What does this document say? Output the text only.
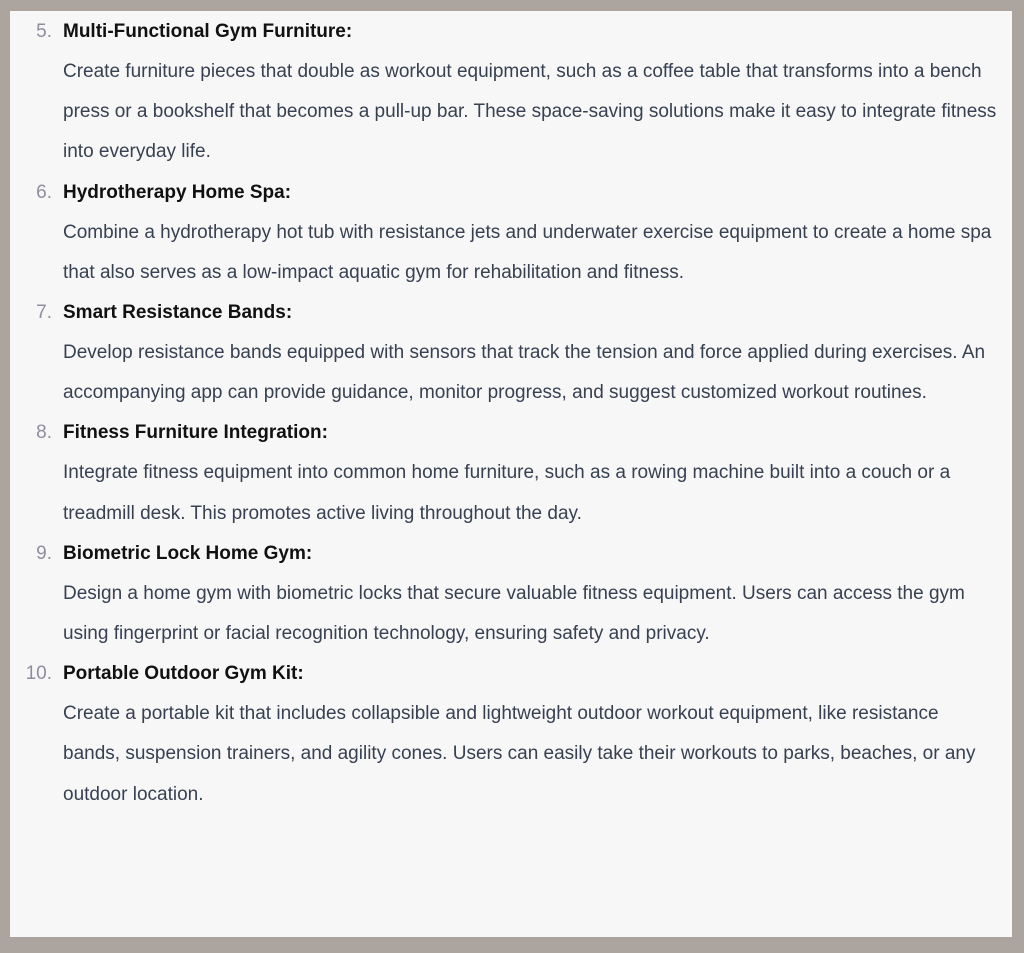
5. Multi-Functional Gym Furniture:
Create furniture pieces that double as workout equipment, such as a coffee table that transforms into a bench press or a bookshelf that becomes a pull-up bar. These space-saving solutions make it easy to integrate fitness into everyday life.
6. Hydrotherapy Home Spa:
Combine a hydrotherapy hot tub with resistance jets and underwater exercise equipment to create a home spa that also serves as a low-impact aquatic gym for rehabilitation and fitness.
7. Smart Resistance Bands:
Develop resistance bands equipped with sensors that track the tension and force applied during exercises. An accompanying app can provide guidance, monitor progress, and suggest customized workout routines.
8. Fitness Furniture Integration:
Integrate fitness equipment into common home furniture, such as a rowing machine built into a couch or a treadmill desk. This promotes active living throughout the day.
9. Biometric Lock Home Gym:
Design a home gym with biometric locks that secure valuable fitness equipment. Users can access the gym using fingerprint or facial recognition technology, ensuring safety and privacy.
10. Portable Outdoor Gym Kit:
Create a portable kit that includes collapsible and lightweight outdoor workout equipment, like resistance bands, suspension trainers, and agility cones. Users can easily take their workouts to parks, beaches, or any outdoor location.
